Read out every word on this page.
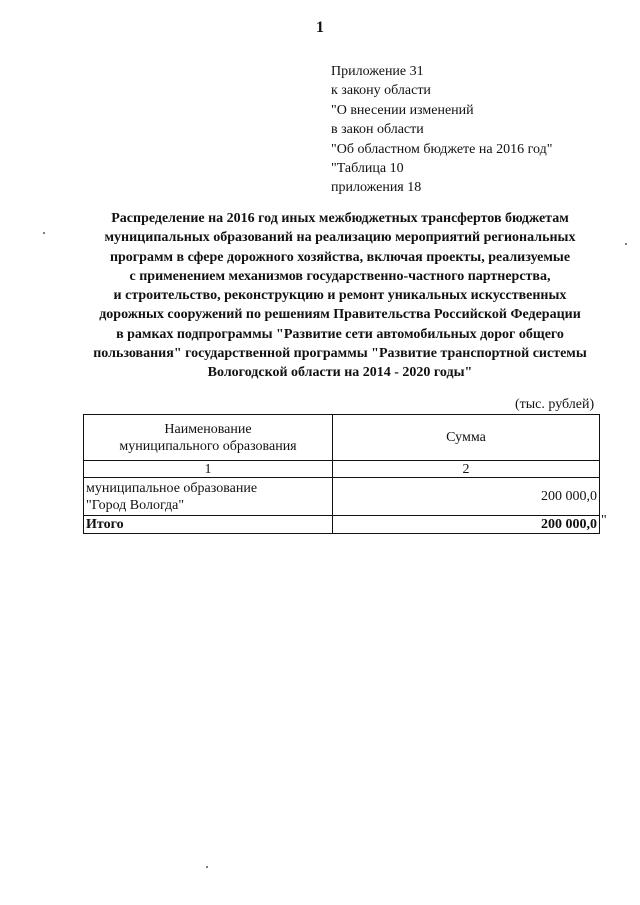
1
Приложение 31
к закону области
"О внесении изменений
в закон области
"Об областном бюджете на 2016 год"
"Таблица 10
приложения 18
Распределение на 2016 год иных межбюджетных трансфертов бюджетам
муниципальных образований на реализацию мероприятий региональных
программ в сфере дорожного хозяйства, включая проекты, реализуемые
с применением механизмов государственно-частного партнерства,
и строительство, реконструкцию и ремонт уникальных искусственных
дорожных сооружений по решениям Правительства Российской Федерации
в рамках подпрограммы "Развитие сети автомобильных дорог общего
пользования" государственной программы "Развитие транспортной системы
Вологодской области на 2014 - 2020 годы"
(тыс. рублей)
Наименование
муниципального образования	Сумма
1	2

муниципальное образование
"Город Вологда"	200 000,0
Итого	200 000,0 "
